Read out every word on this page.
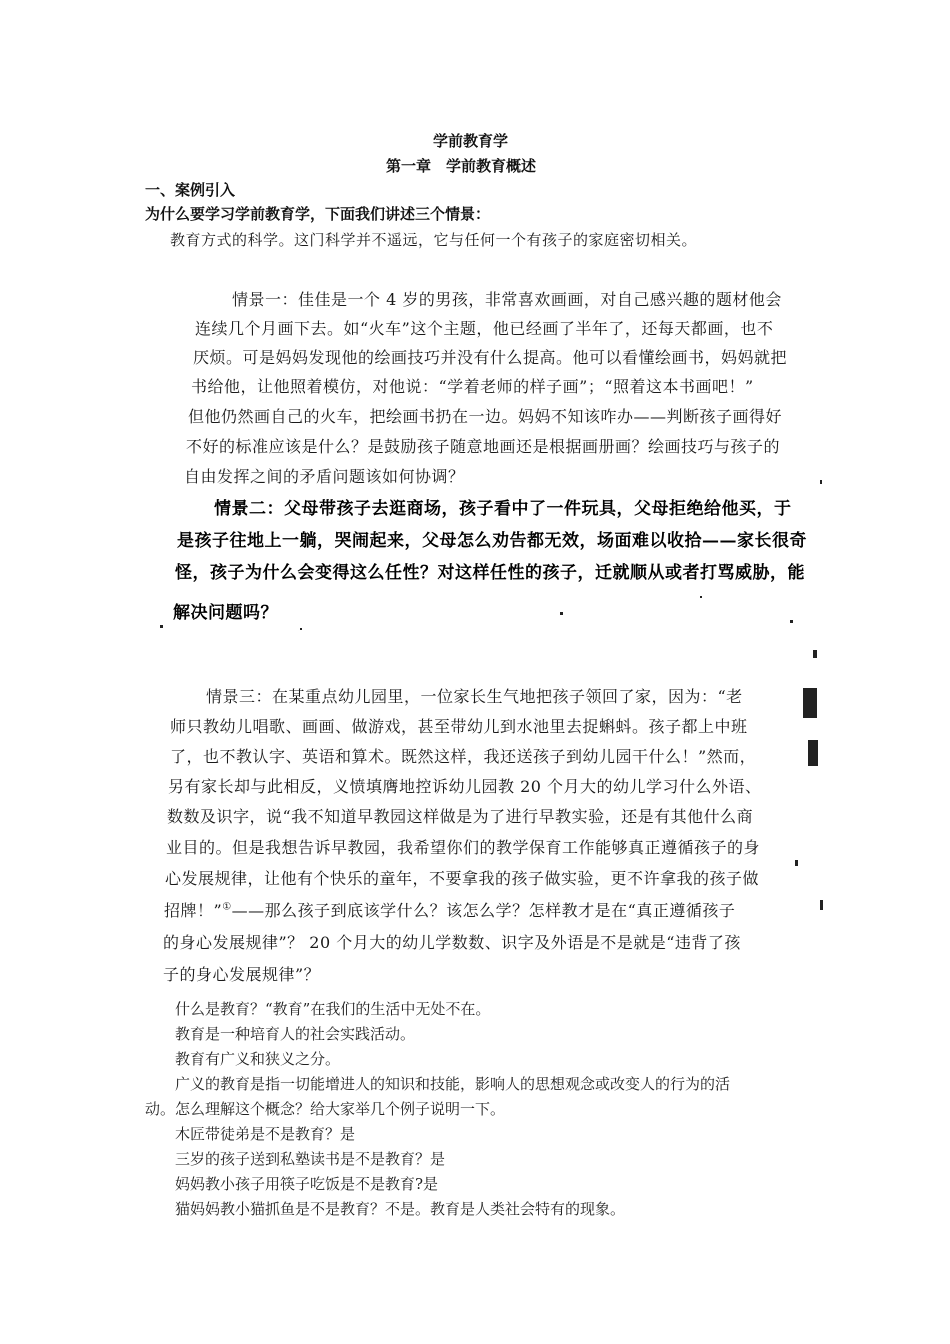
学前教育学
第一章　学前教育概述
一、案例引入
为什么要学习学前教育学，下面我们讲述三个情景：
教育方式的科学。这门科学并不遥远，它与任何一个有孩子的家庭密切相关。
情景一：佳佳是一个 4 岁的男孩，非常喜欢画画，对自己感兴趣的题材他会
连续几个月画下去。如“火车”这个主题，他已经画了半年了，还每天都画，也不
厌烦。可是妈妈发现他的绘画技巧并没有什么提高。他可以看懂绘画书，妈妈就把
书给他，让他照着模仿，对他说：“学着老师的样子画”；“照着这本书画吧！”
但他仍然画自己的火车，把绘画书扔在一边。妈妈不知该咋办——判断孩子画得好
不好的标准应该是什么？是鼓励孩子随意地画还是根据画册画？绘画技巧与孩子的
自由发挥之间的矛盾问题该如何协调？
情景二：父母带孩子去逛商场，孩子看中了一件玩具，父母拒绝给他买，于
是孩子往地上一躺，哭闹起来，父母怎么劝告都无效，场面难以收拾——家长很奇
怪，孩子为什么会变得这么任性？对这样任性的孩子，迁就顺从或者打骂威胁，能
解决问题吗？
情景三：在某重点幼儿园里，一位家长生气地把孩子领回了家，因为：“老
师只教幼儿唱歌、画画、做游戏，甚至带幼儿到水池里去捉蝌蚪。孩子都上中班
了，也不教认字、英语和算术。既然这样，我还送孩子到幼儿园干什么！”然而，
另有家长却与此相反，义愤填膺地控诉幼儿园教 20 个月大的幼儿学习什么外语、
数数及识字，说“我不知道早教园这样做是为了进行早教实验，还是有其他什么商
业目的。但是我想告诉早教园，我希望你们的教学保育工作能够真正遵循孩子的身
心发展规律，让他有个快乐的童年，不要拿我的孩子做实验，更不许拿我的孩子做
招牌！”①——那么孩子到底该学什么？该怎么学？怎样教才是在“真正遵循孩子
的身心发展规律”？ 20 个月大的幼儿学数数、识字及外语是不是就是“违背了孩
子的身心发展规律”？
什么是教育？“教育”在我们的生活中无处不在。
教育是一种培育人的社会实践活动。
教育有广义和狭义之分。
广义的教育是指一切能增进人的知识和技能，影响人的思想观念或改变人的行为的活
动。怎么理解这个概念？给大家举几个例子说明一下。
木匠带徒弟是不是教育？是
三岁的孩子送到私塾读书是不是教育？是
妈妈教小孩子用筷子吃饭是不是教育?是
猫妈妈教小猫抓鱼是不是教育？不是。教育是人类社会特有的现象。
